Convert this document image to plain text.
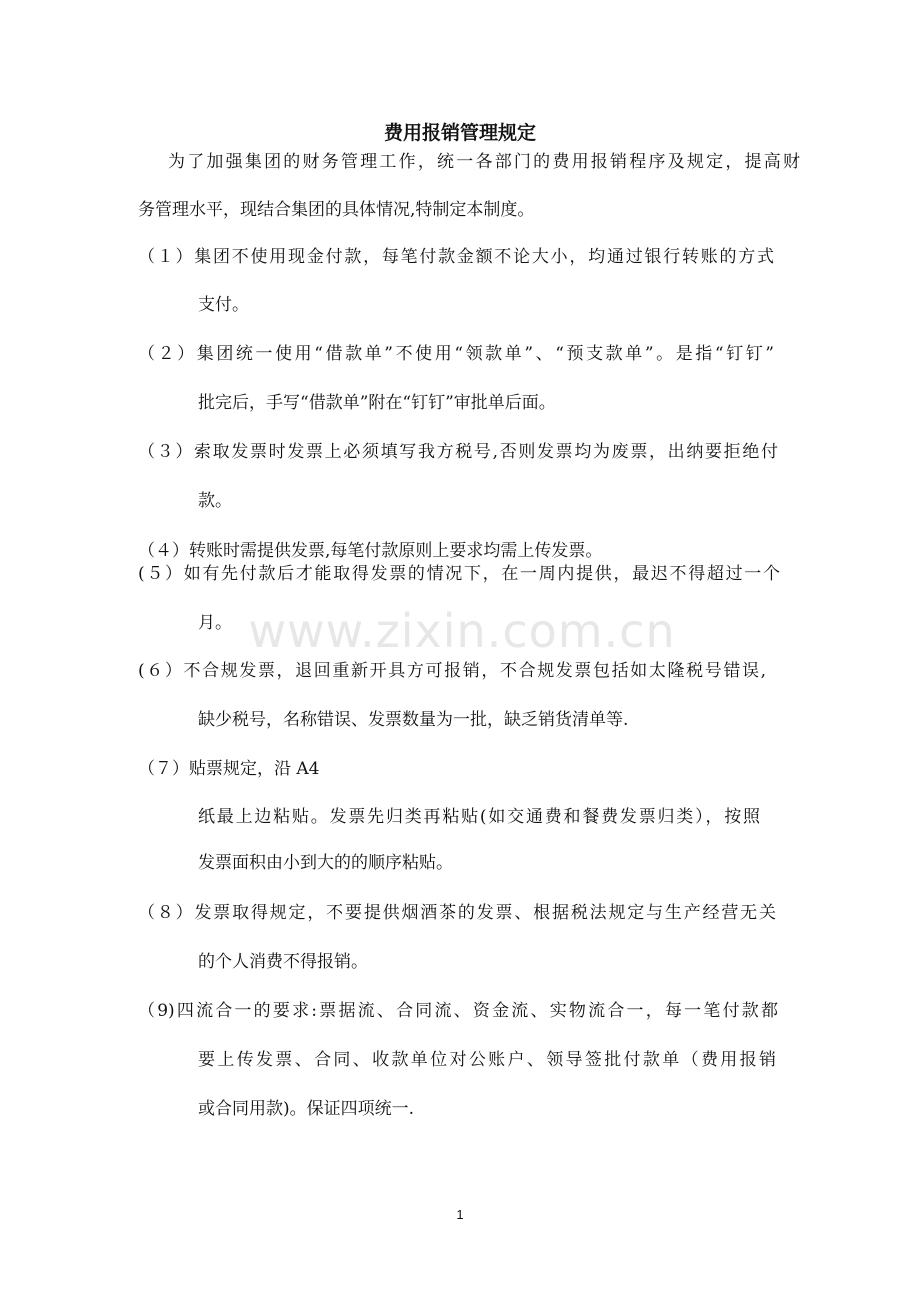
费用报销管理规定
为了加强集团的财务管理工作，统一各部门的费用报销程序及规定，提高财
务管理水平，现结合集团的具体情况,特制定本制度。
（１）集团不使用现金付款，每笔付款金额不论大小，均通过银行转账的方式
支付。
（２）集团统一使用“借款单”不使用“领款单”、“预支款单”。是指“钉钉”
批完后，手写“借款单”附在“钉钉”审批单后面。
（３）索取发票时发票上必须填写我方税号,否则发票均为废票，出纳要拒绝付
款。
（４）转账时需提供发票,每笔付款原则上要求均需上传发票。
(５）如有先付款后才能取得发票的情况下，在一周内提供，最迟不得超过一个
月。
(６）不合规发票，退回重新开具方可报销，不合规发票包括如太隆税号错误,
缺少税号，名称错误、发票数量为一批，缺乏销货清单等.
（７）贴票规定，沿 A4
纸最上边粘贴。发票先归类再粘贴(如交通费和餐费发票归类），按照
发票面积由小到大的的顺序粘贴。
（８）发票取得规定，不要提供烟酒茶的发票、根据税法规定与生产经营无关
的个人消费不得报销。
（9)四流合一的要求:票据流、合同流、资金流、实物流合一，每一笔付款都
要上传发票、合同、收款单位对公账户、领导签批付款单（费用报销
或合同用款)。保证四项统一.
www.zixin.com.cn
1
